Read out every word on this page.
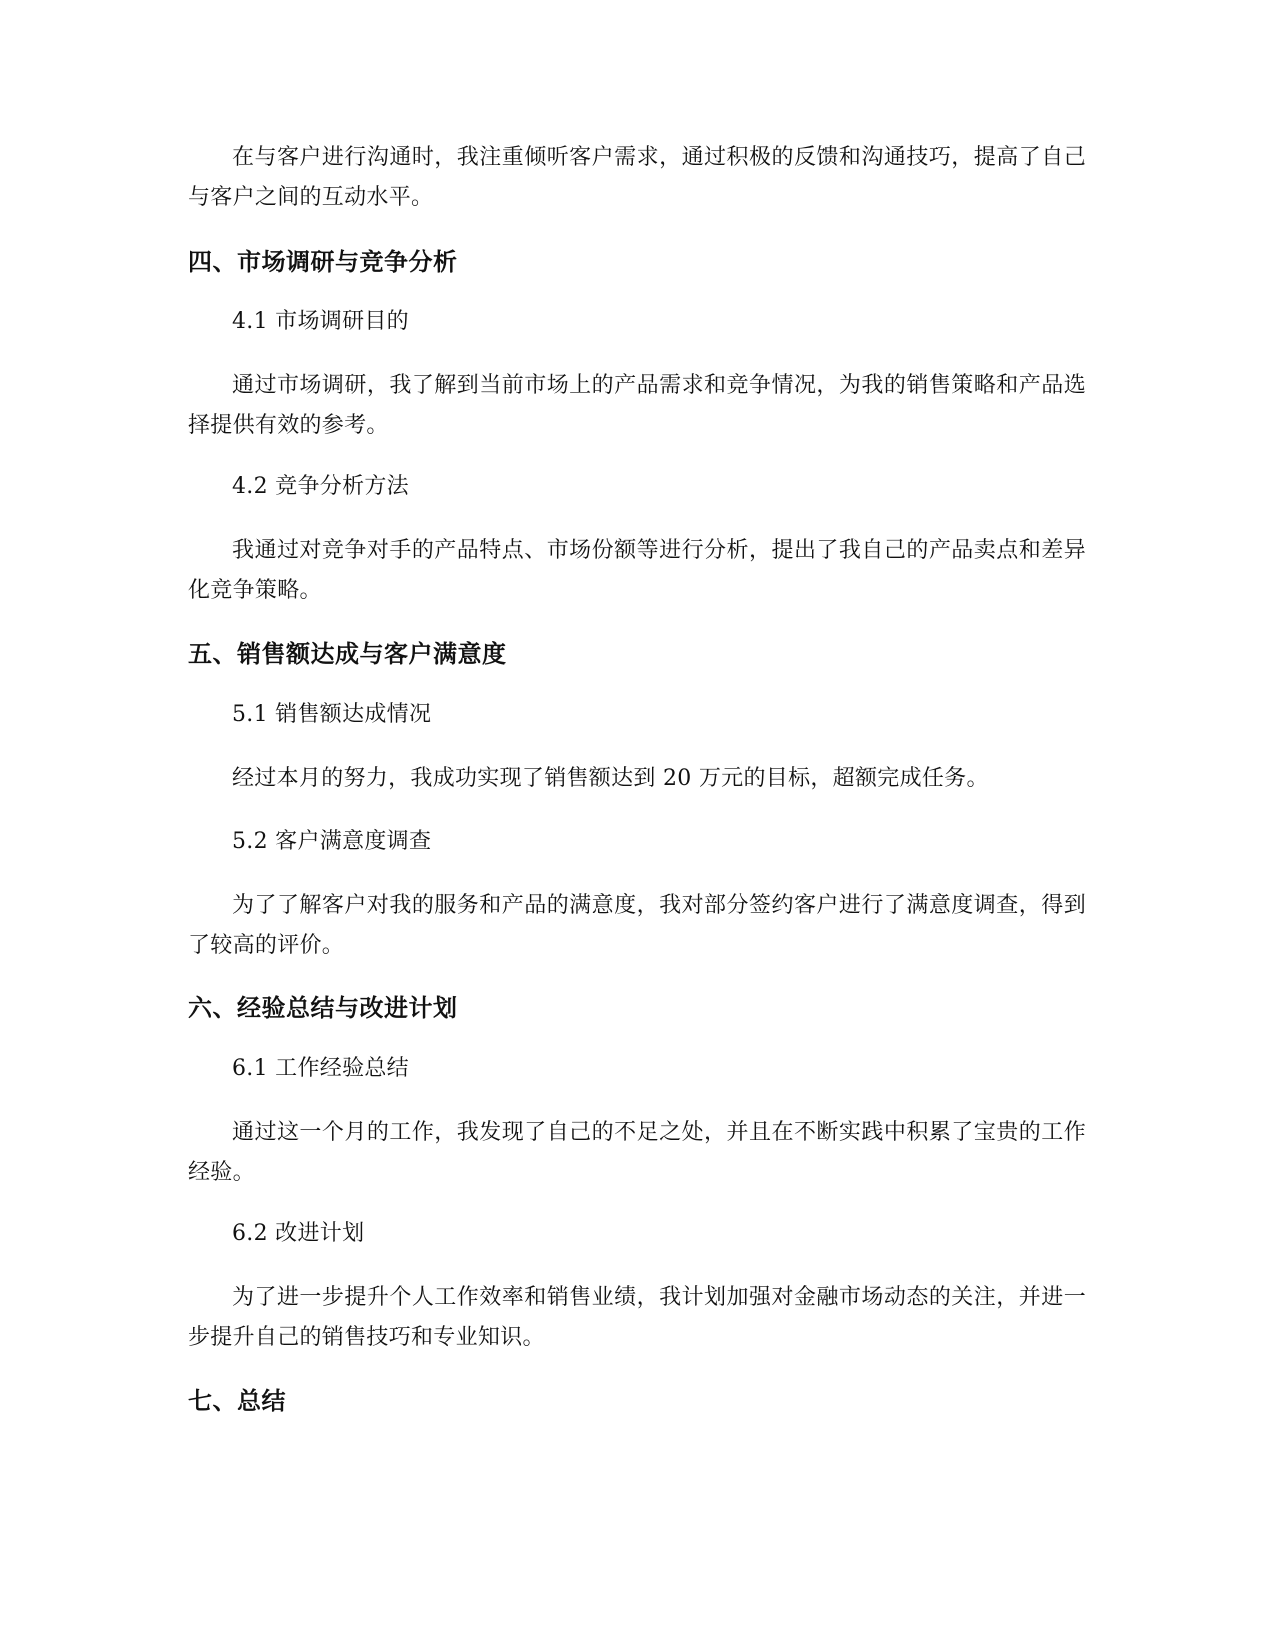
在与客户进行沟通时，我注重倾听客户需求，通过积极的反馈和沟通技巧，提高了自己与客户之间的互动水平。

四、市场调研与竞争分析

4.1 市场调研目的

通过市场调研，我了解到当前市场上的产品需求和竞争情况，为我的销售策略和产品选择提供有效的参考。

4.2 竞争分析方法

我通过对竞争对手的产品特点、市场份额等进行分析，提出了我自己的产品卖点和差异化竞争策略。

五、销售额达成与客户满意度

5.1 销售额达成情况

经过本月的努力，我成功实现了销售额达到 20 万元的目标，超额完成任务。

5.2 客户满意度调查

为了了解客户对我的服务和产品的满意度，我对部分签约客户进行了满意度调查，得到了较高的评价。

六、经验总结与改进计划

6.1 工作经验总结

通过这一个月的工作，我发现了自己的不足之处，并且在不断实践中积累了宝贵的工作经验。

6.2 改进计划

为了进一步提升个人工作效率和销售业绩，我计划加强对金融市场动态的关注，并进一步提升自己的销售技巧和专业知识。

七、总结
